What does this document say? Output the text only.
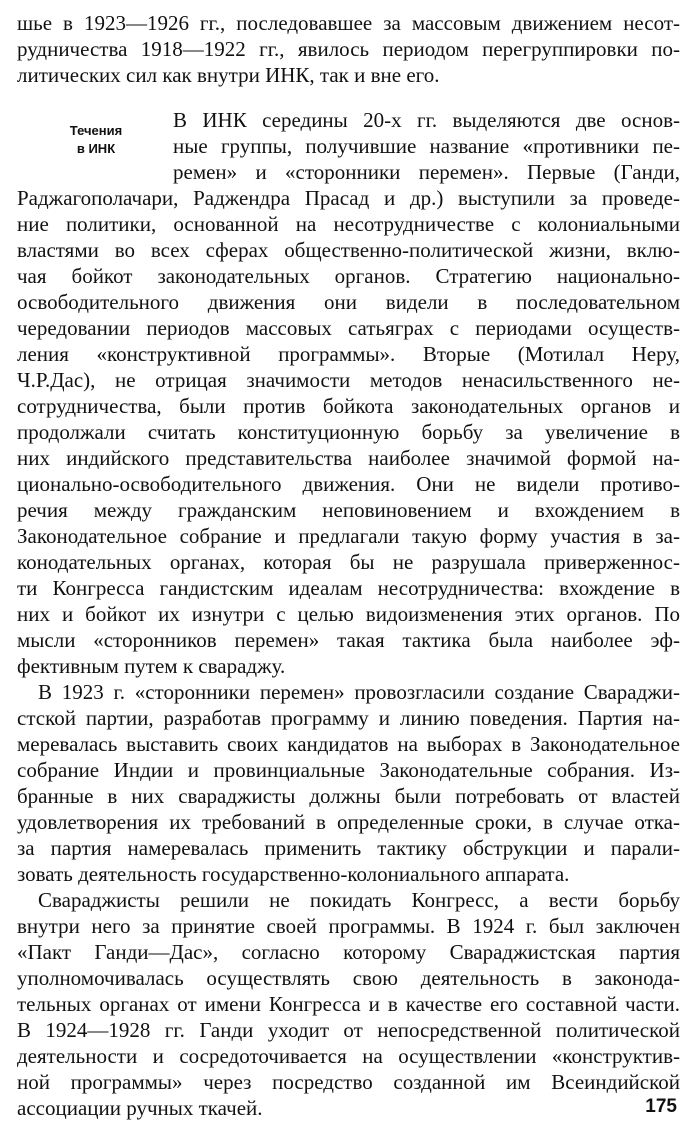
Течения
в ИНК
шье в 1923—1926 гг., последовавшее за массовым движением несот-
рудничества 1918—1922 гг., явилось периодом перегруппировки по-
литических сил как внутри ИНК, так и вне его.
В ИНК середины 20-х гг. выделяются две основ-
ные группы, получившие название «противники пе-
ремен» и «сторонники перемен». Первые (Ганди,
Раджагополачари, Раджендра Прасад и др.) выступили за проведе-
ние политики, основанной на несотрудничестве с колониальными
властями во всех сферах общественно-политической жизни, вклю-
чая бойкот законодательных органов. Стратегию национально-
освободительного движения они видели в последовательном
чередовании периодов массовых сатьяграх с периодами осуществ-
ления «конструктивной программы». Вторые (Мотилал Неру,
Ч.Р.Дас), не отрицая значимости методов ненасильственного не-
сотрудничества, были против бойкота законодательных органов и
продолжали считать конституционную борьбу за увеличение в
них индийского представительства наиболее значимой формой на-
ционально-освободительного движения. Они не видели противо-
речия между гражданским неповиновением и вхождением в
Законодательное собрание и предлагали такую форму участия в за-
конодательных органах, которая бы не разрушала приверженнос-
ти Конгресса гандистским идеалам несотрудничества: вхождение в
них и бойкот их изнутри с целью видоизменения этих органов. По
мысли «сторонников перемен» такая тактика была наиболее эф-
фективным путем к свараджу.
В 1923 г. «сторонники перемен» провозгласили создание Свараджи-
стской партии, разработав программу и линию поведения. Партия на-
меревалась выставить своих кандидатов на выборах в Законодательное
собрание Индии и провинциальные Законодательные собрания. Из-
бранные в них свараджисты должны были потребовать от властей
удовлетворения их требований в определенные сроки, в случае отка-
за партия намеревалась применить тактику обструкции и парали-
зовать деятельность государственно-колониального аппарата.
Свараджисты решили не покидать Конгресс, а вести борьбу
внутри него за принятие своей программы. В 1924 г. был заключен
«Пакт Ганди—Дас», согласно которому Свараджистская партия
уполномочивалась осуществлять свою деятельность в законода-
тельных органах от имени Конгресса и в качестве его составной части.
В 1924—1928 гг. Ганди уходит от непосредственной политической
деятельности и сосредоточивается на осуществлении «конструктив-
ной программы» через посредство созданной им Всеиндийской
ассоциации ручных ткачей.	175
